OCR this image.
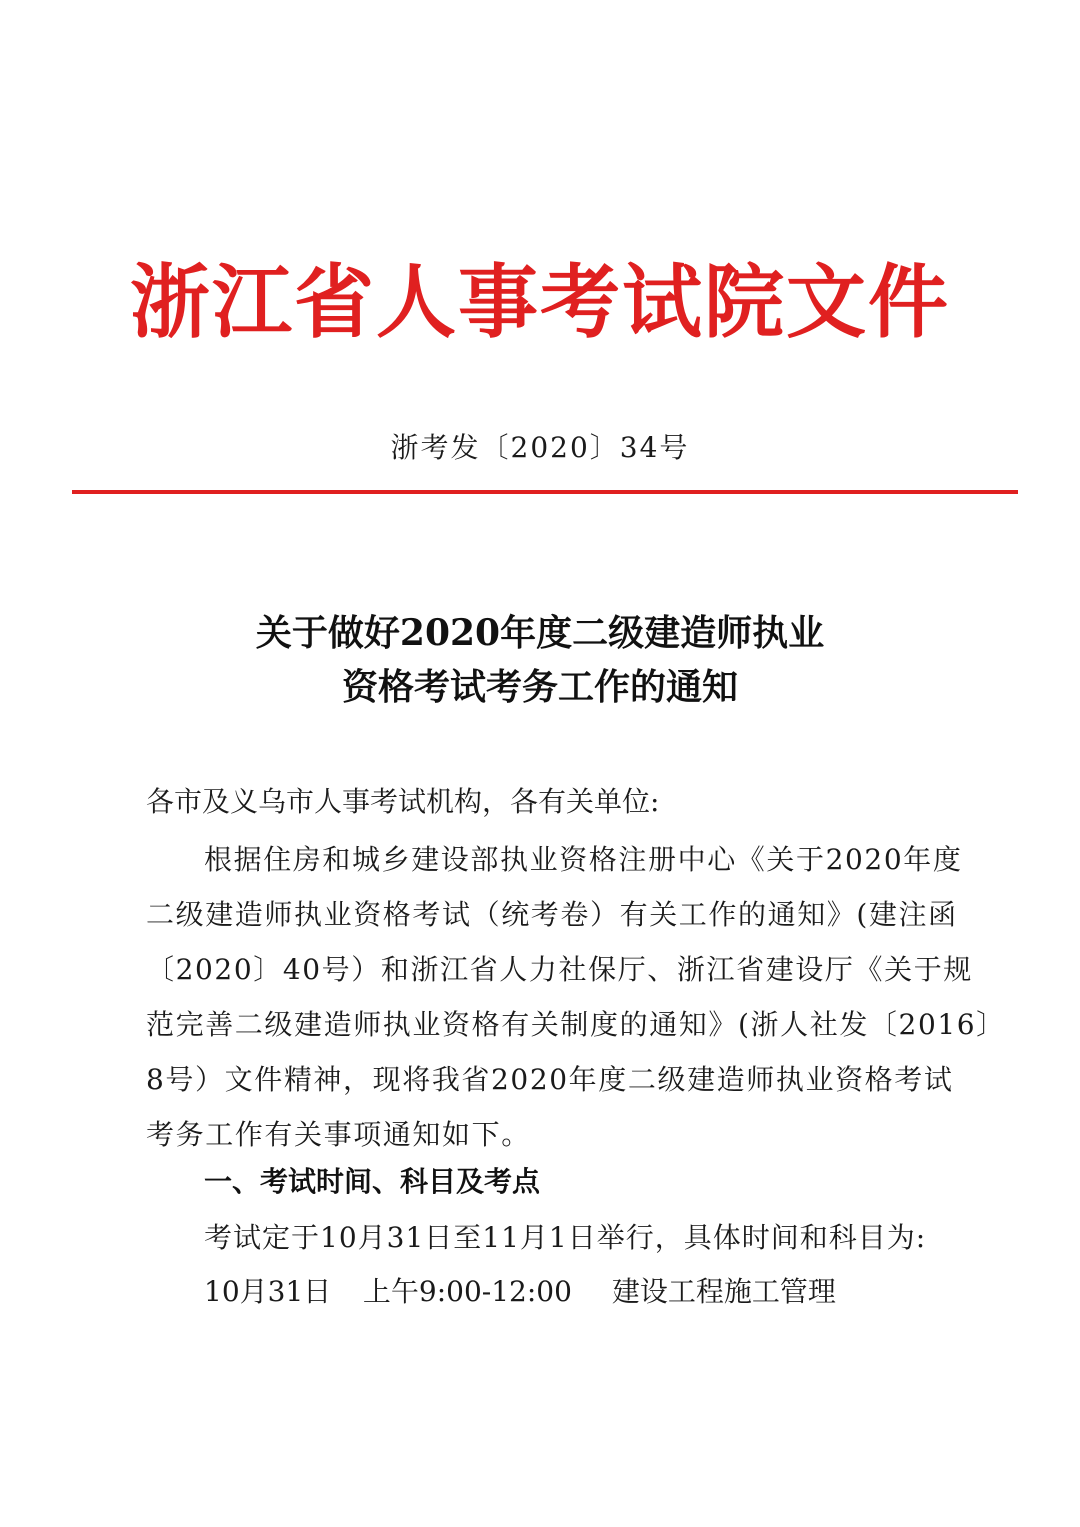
浙江省人事考试院文件
浙考发〔2020〕34号
关于做好2020年度二级建造师执业
资格考试考务工作的通知
各市及义乌市人事考试机构，各有关单位:
根据住房和城乡建设部执业资格注册中心《关于2020年度
二级建造师执业资格考试（统考卷）有关工作的通知》(建注函
〔2020〕40号）和浙江省人力社保厅、浙江省建设厅《关于规
范完善二级建造师执业资格有关制度的通知》(浙人社发〔2016〕
8号）文件精神，现将我省2020年度二级建造师执业资格考试
考务工作有关事项通知如下。
一、考试时间、科目及考点
考试定于10月31日至11月1日举行，具体时间和科目为:
10月31日 上午9:00-12:00 建设工程施工管理
